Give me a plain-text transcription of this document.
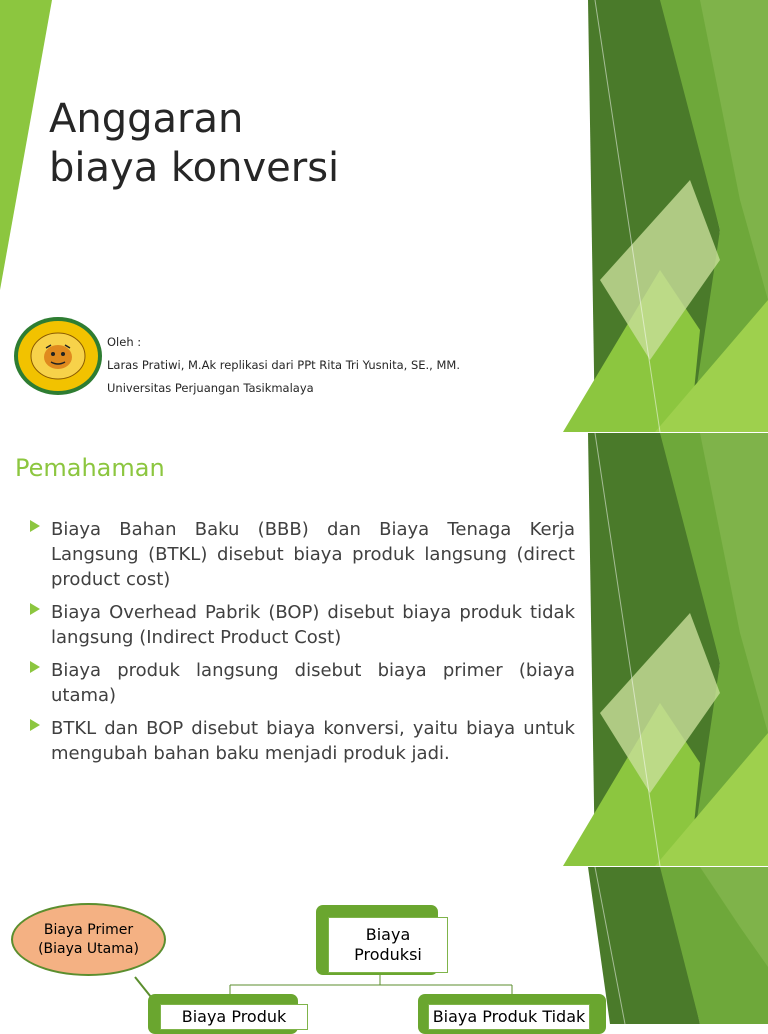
Anggaran
biaya konversi
Oleh :
Laras Pratiwi, M.Ak replikasi dari PPt Rita Tri Yusnita, SE., MM.
Universitas Perjuangan Tasikmalaya
Pemahaman
Biaya Bahan Baku (BBB) dan Biaya Tenaga Kerja Langsung (BTKL) disebut biaya produk langsung (direct product cost)
Biaya Overhead Pabrik (BOP) disebut biaya produk tidak langsung (Indirect Product Cost)
Biaya produk langsung disebut biaya primer (biaya utama)
BTKL dan BOP disebut biaya konversi, yaitu biaya untuk mengubah bahan baku menjadi produk jadi.
Biaya Primer (Biaya Utama)
Biaya Produksi
Biaya Produk	Biaya Produk Tidak
